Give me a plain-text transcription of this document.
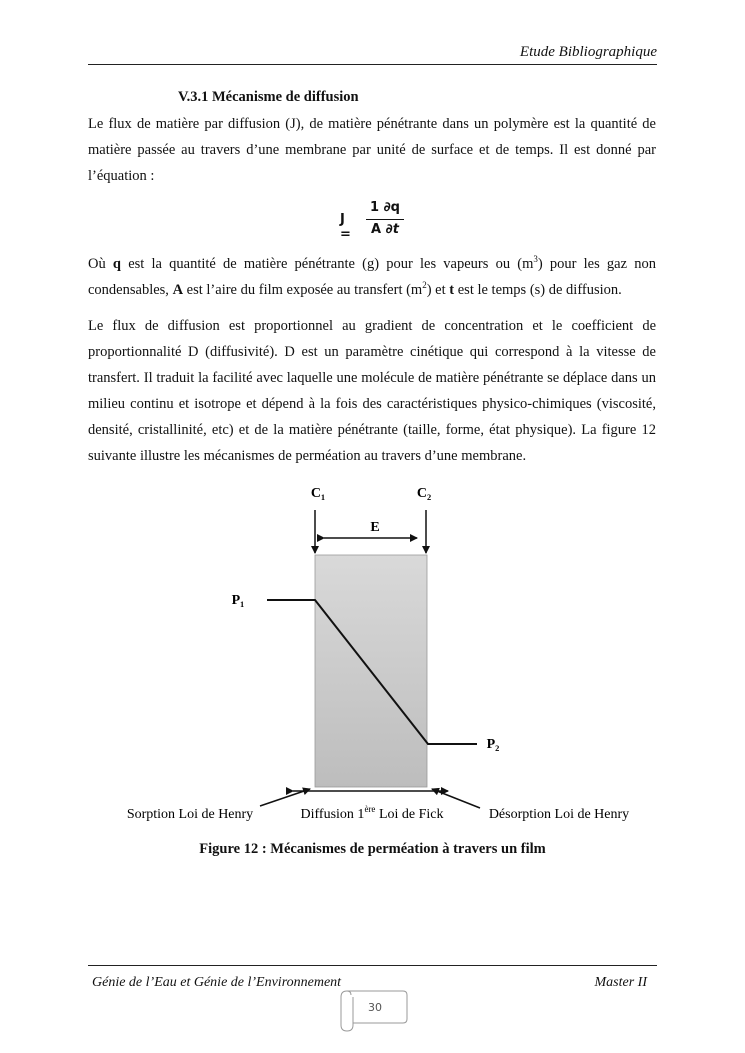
Etude Bibliographique
V.3.1 Mécanisme de diffusion

Le flux de matière par diffusion (J), de matière pénétrante dans un polymère est la quantité de matière passée au travers d’une membrane par unité de surface et de temps. Il est donné par l’équation :

J =
1 ∂q
A ∂t

Où q est la quantité de matière pénétrante (g) pour les vapeurs ou $(m^3)$ pour les gaz non condensables, A est l’aire du film exposée au transfert $(m^2)$ et t est le temps (s) de diffusion.

Le flux de diffusion est proportionnel au gradient de concentration et le coefficient de proportionnalité D (diffusivité). D est un paramètre cinétique qui correspond à la vitesse de transfert. Il traduit la facilité avec laquelle une molécule de matière pénétrante se déplace dans un milieu continu et isotrope et dépend à la fois des caractéristiques physico-chimiques (viscosité, densité, cristallinité, etc) et de la matière pénétrante (taille, forme, état physique). La figure 12 suivante illustre les mécanismes de perméation au travers d’une membrane.

C₁	C₂
E
P₁
P₂
Sorption Loi de Henry	Diffusion 1ère Loi de Fick	Désorption Loi de Henry
Figure 12 : Mécanismes de perméation à travers un film
Génie de l’Eau et Génie de l’Environnement	Master II
30
